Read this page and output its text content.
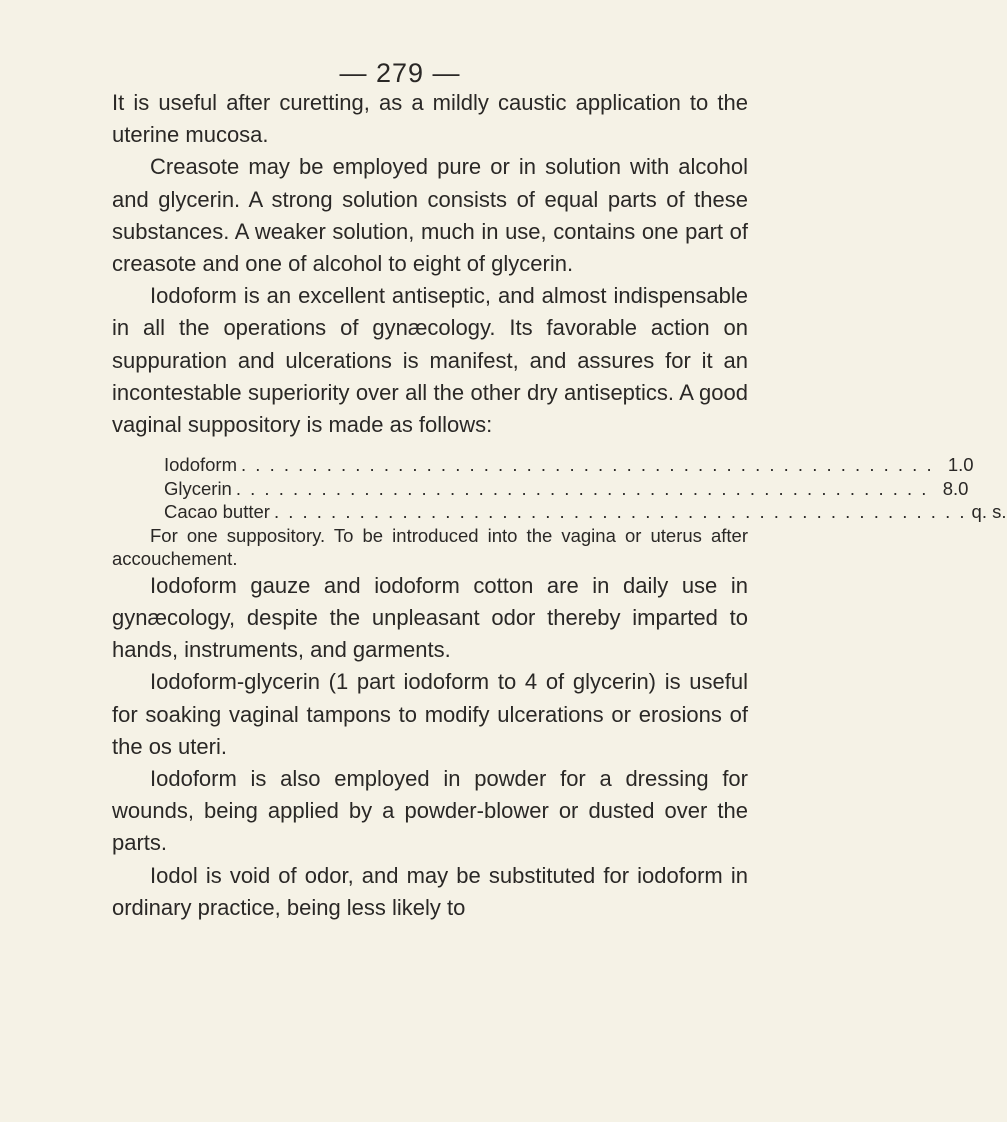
— 279 —

It is useful after curetting, as a mildly caustic application to the uterine mucosa.

Creasote may be employed pure or in solution with alcohol and glycerin. A strong solution consists of equal parts of these substances. A weaker solution, much in use, contains one part of creasote and one of alcohol to eight of glycerin.

Iodoform is an excellent antiseptic, and almost indispensable in all the operations of gynæcology. Its favorable action on suppuration and ulcerations is manifest, and assures for it an incontestable superiority over all the other dry antiseptics. A good vaginal suppository is made as follows:

Iodoform . . . . . . . . . . . . . . . . . . . . . . . . . . . . . . . . . . . . . . . . . . . . . . . . . 1.0
Glycerin . . . . . . . . . . . . . . . . . . . . . . . . . . . . . . . . . . . . . . . . . . . . . . . . . 8.0
Cacao butter . . . . . . . . . . . . . . . . . . . . . . . . . . . . . . . . . . . . . . . . . . . . . . . . . q. s.

For one suppository. To be introduced into the vagina or uterus after accouchement.

Iodoform gauze and iodoform cotton are in daily use in gynæcology, despite the unpleasant odor thereby imparted to hands, instruments, and garments.

Iodoform-glycerin (1 part iodoform to 4 of glycerin) is useful for soaking vaginal tampons to modify ulcerations or erosions of the os uteri.

Iodoform is also employed in powder for a dressing for wounds, being applied by a powder-blower or dusted over the parts.

Iodol is void of odor, and may be substituted for iodoform in ordinary practice, being less likely to
